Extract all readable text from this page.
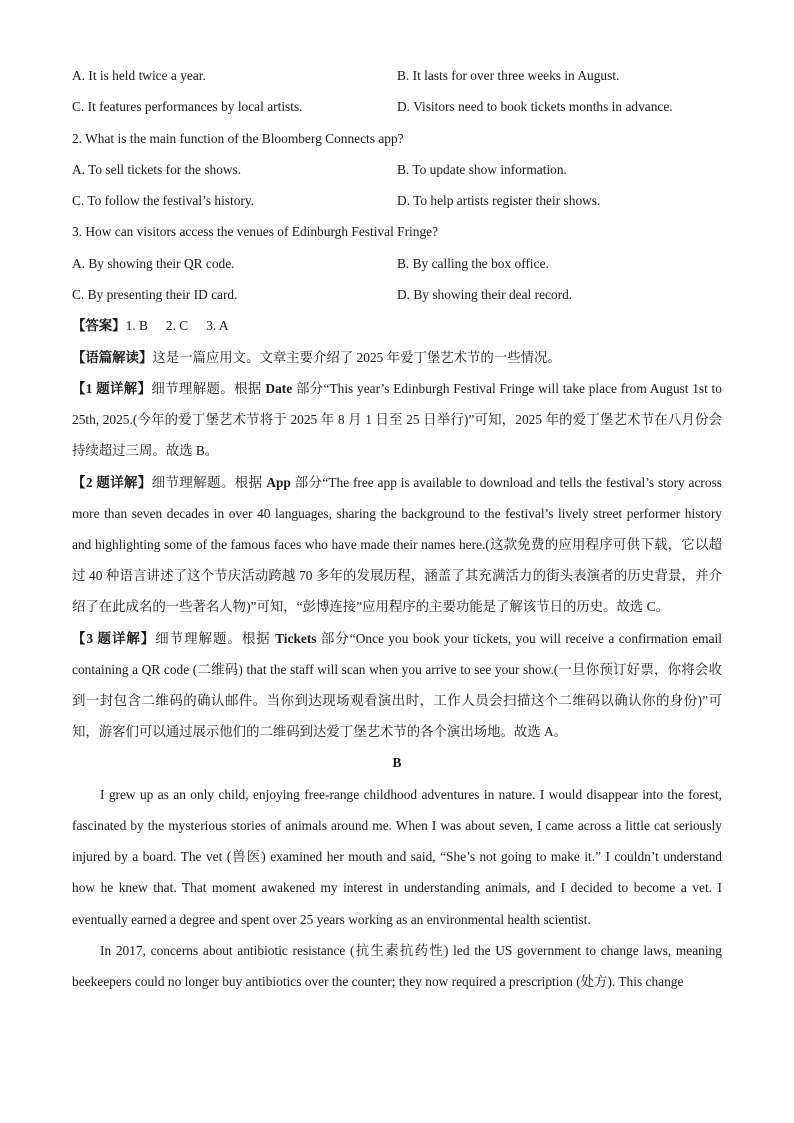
A. It is held twice a year.	B. It lasts for over three weeks in August.
C. It features performances by local artists.	D. Visitors need to book tickets months in advance.
2. What is the main function of the Bloomberg Connects app?
A. To sell tickets for the shows.	B. To update show information.
C. To follow the festival’s history.	D. To help artists register their shows.
3. How can visitors access the venues of Edinburgh Festival Fringe?
A. By showing their QR code.	B. By calling the box office.
C. By presenting their ID card.	D. By showing their deal record.
【答案】1. B 2. C 3. A
【语篇解读】这是一篇应用文。文章主要介绍了 2025 年爱丁堡艺术节的一些情况。

【1 题详解】细节理解题。根据 Date 部分“This year’s Edinburgh Festival Fringe will take place from August 1st to 25th, 2025.(今年的爱丁堡艺术节将于 2025 年 8 月 1 日至 25 日举行)”可知，2025 年的爱丁堡艺术节在八月份会持续超过三周。故选 B。

【2 题详解】细节理解题。根据 App 部分“The free app is available to download and tells the festival’s story across more than seven decades in over 40 languages, sharing the background to the festival’s lively street performer history and highlighting some of the famous faces who have made their names here.(这款免费的应用程序可供下载，它以超过 40 种语言讲述了这个节庆活动跨越 70 多年的发展历程，涵盖了其充满活力的街头表演者的历史背景，并介绍了在此成名的一些著名人物)”可知，“彭博连接”应用程序的主要功能是了解该节日的历史。故选 C。

【3 题详解】细节理解题。根据 Tickets 部分“Once you book your tickets, you will receive a confirmation email containing a QR code (二维码) that the staff will scan when you arrive to see your show.(一旦你预订好票，你将会收到一封包含二维码的确认邮件。当你到达现场观看演出时，工作人员会扫描这个二维码以确认你的身份)”可知，游客们可以通过展示他们的二维码到达爱丁堡艺术节的各个演出场地。故选 A。

B

I grew up as an only child, enjoying free-range childhood adventures in nature. I would disappear into the forest, fascinated by the mysterious stories of animals around me. When I was about seven, I came across a little cat seriously injured by a board. The vet (兽医) examined her mouth and said, “She’s not going to make it.” I couldn’t understand how he knew that. That moment awakened my interest in understanding animals, and I decided to become a vet. I eventually earned a degree and spent over 25 years working as an environmental health scientist.

In 2017, concerns about antibiotic resistance (抗生素抗药性) led the US government to change laws, meaning beekeepers could no longer buy antibiotics over the counter; they now required a prescription (处方). This change
